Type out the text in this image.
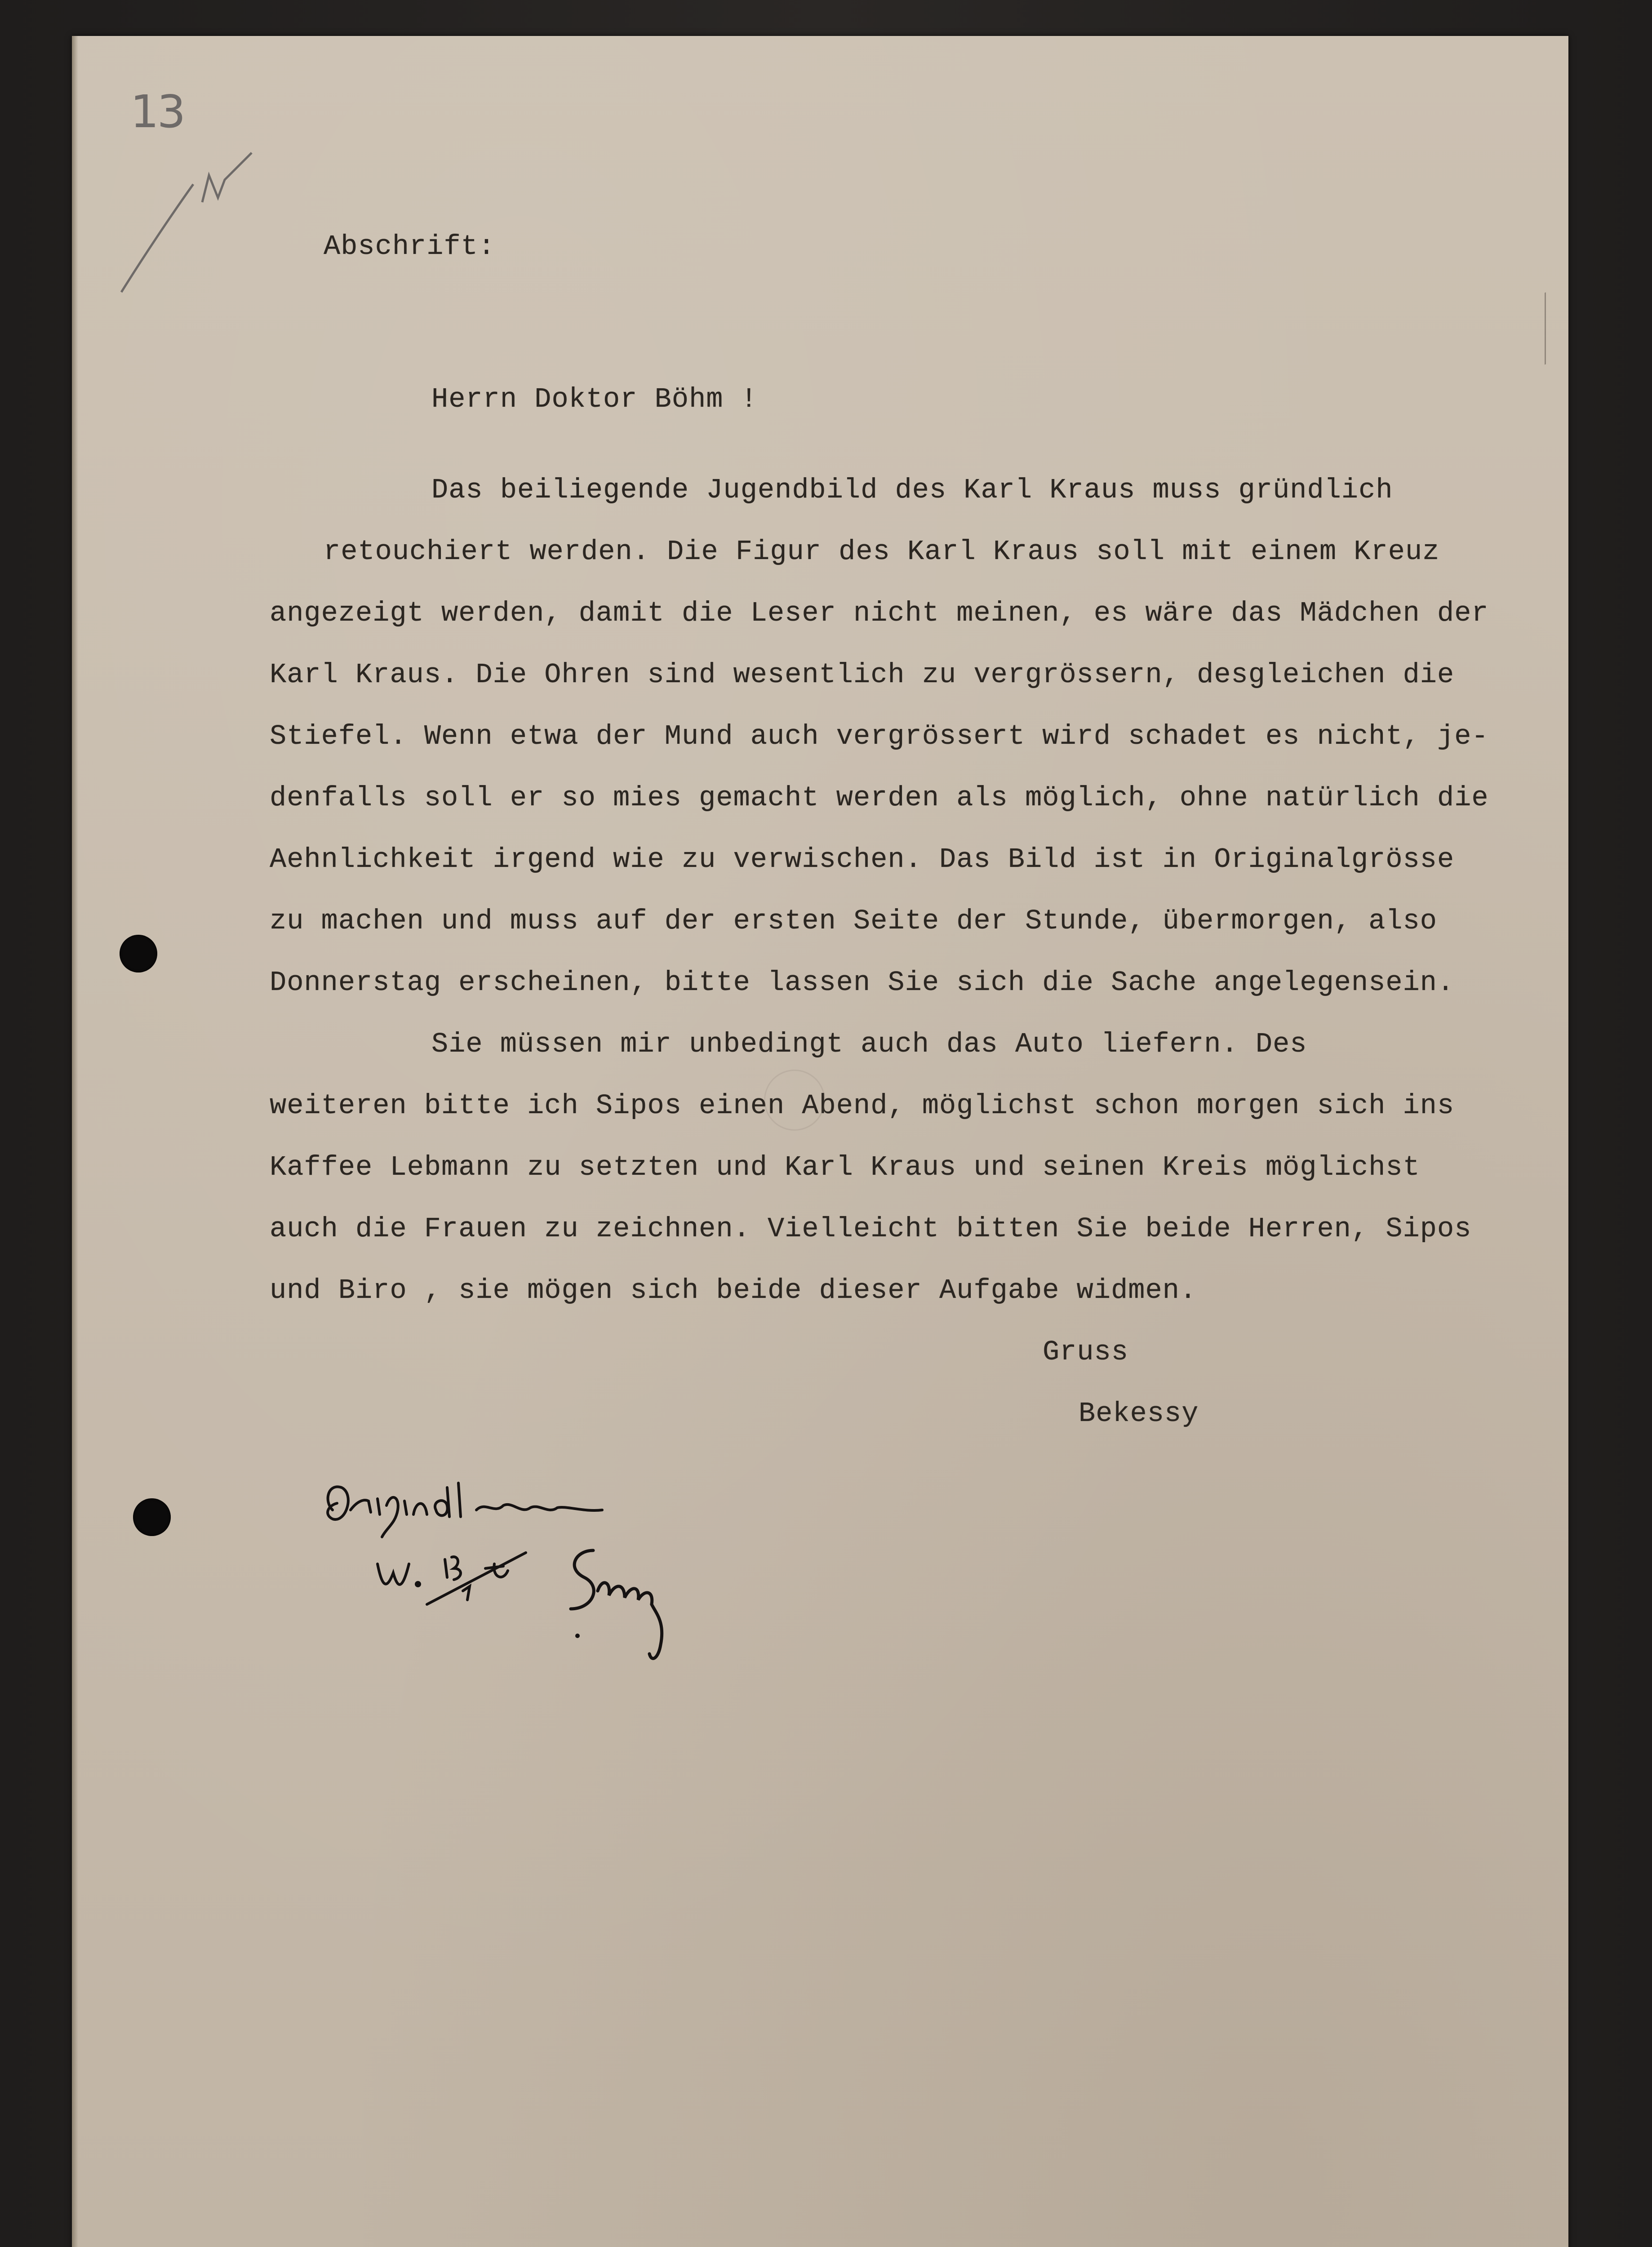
13
Abschrift:
Herrn Doktor Böhm !
Das beiliegende Jugendbild des Karl Kraus muss gründlich
retouchiert werden. Die Figur des Karl Kraus soll mit einem Kreuz
angezeigt werden, damit die Leser nicht meinen, es wäre das Mädchen der
Karl Kraus. Die Ohren sind wesentlich zu vergrössern, desgleichen die
Stiefel. Wenn etwa der Mund auch vergrössert wird schadet es nicht, je-
denfalls soll er so mies gemacht werden als möglich, ohne natürlich die
Aehnlichkeit irgend wie zu verwischen. Das Bild ist in Originalgrösse
zu machen und muss auf der ersten Seite der Stunde, übermorgen, also
Donnerstag erscheinen, bitte lassen Sie sich die Sache angelegensein.
Sie müssen mir unbedingt auch das Auto liefern. Des
weiteren bitte ich Sipos einen Abend, möglichst schon morgen sich ins
Kaffee Lebmann zu setzten und Karl Kraus und seinen Kreis möglichst
auch die Frauen zu zeichnen. Vielleicht bitten Sie beide Herren, Sipos
und Biro , sie mögen sich beide dieser Aufgabe widmen.
Gruss
Bekessy
